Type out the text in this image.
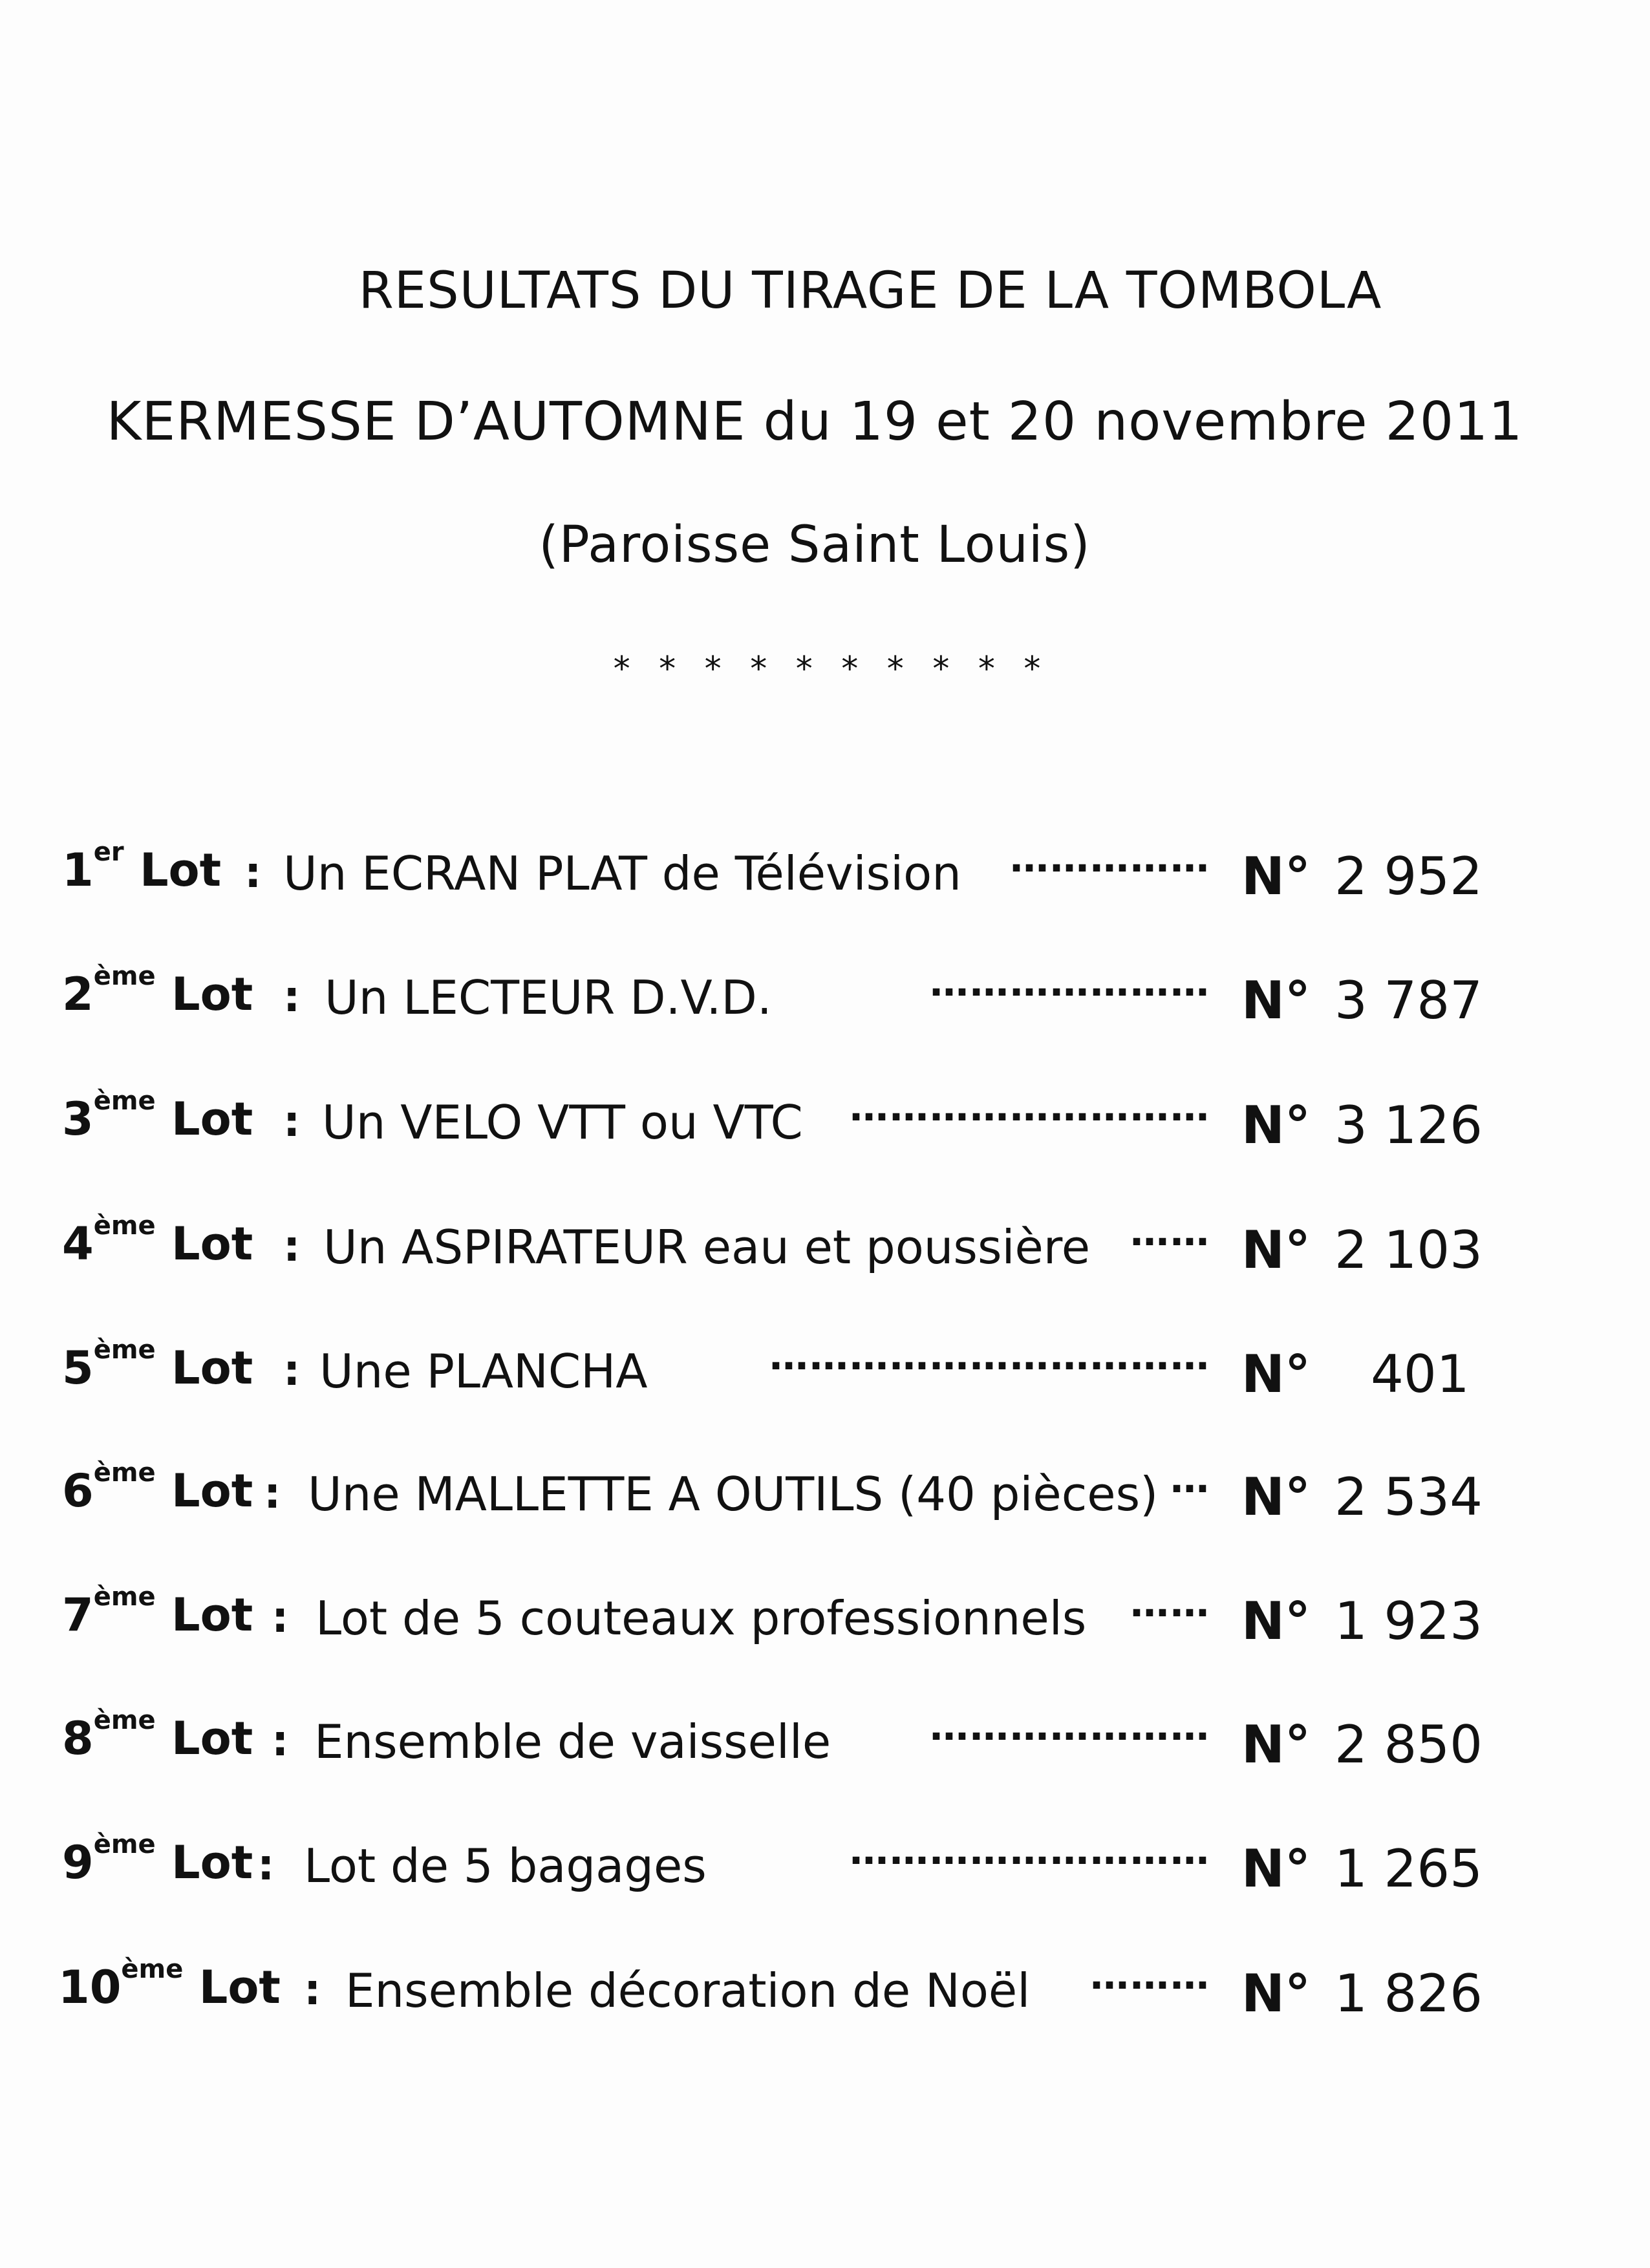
RESULTATS DU TIRAGE DE LA TOMBOLA
KERMESSE D’AUTOMNE du 19 et 20 novembre 2011
(Paroisse Saint Louis)
* * * * * * * * * *
1er Lot : Un ECRAN PLAT de Télévision …………… N° 2 952
2ème Lot : Un LECTEUR D.V.D.	………………… N° 3 787
3ème Lot : Un VELO VTT ou VTC ……………………… N° 3 126
4ème Lot : Un ASPIRATEUR eau et poussière …… N° 2 103
5ème Lot : Une PLANCHA	…………………………… N° 401
6ème Lot : Une MALLETTE A OUTILS (40 pièces) … N° 2 534
7ème Lot : Lot de 5 couteaux professionnels …… N° 1 923
8ème Lot : Ensemble de vaisselle	………………… N° 2 850
9ème Lot : Lot de 5 bagages	……………………… N° 1 265
10ème Lot : Ensemble décoration de Noël ……… N° 1 826
